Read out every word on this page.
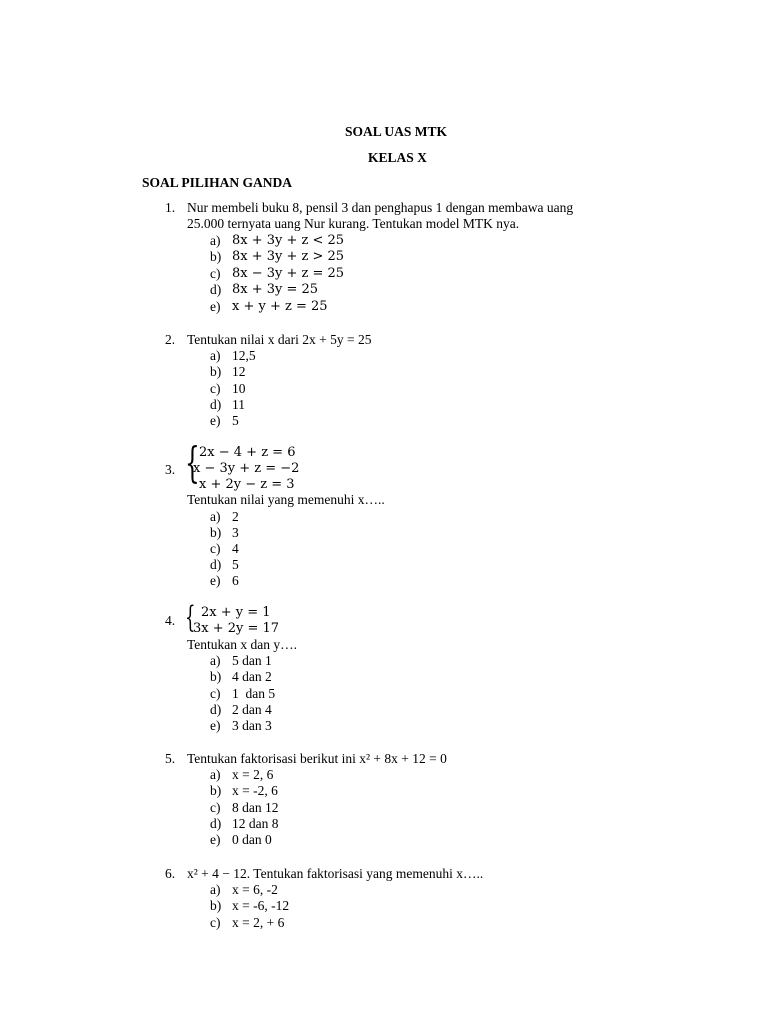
SOAL UAS MTK
KELAS X
SOAL PILIHAN GANDA
1. Nur membeli buku 8, pensil 3 dan penghapus 1 dengan membawa uang
25.000 ternyata uang Nur kurang. Tentukan model MTK nya.
a) 8x + 3y + z < 25
b) 8x + 3y + z > 25
c) 8x − 3y + z = 25
d) 8x + 3y = 25
e) x + y + z = 25
2. Tentukan nilai x dari 2x + 5y = 25
a) 12,5
b) 12
c) 10
d) 11
e) 5
3. { 2x − 4 + z = 6
x − 3y + z = −2
x + 2y − z = 3
Tentukan nilai yang memenuhi x…..
a) 2
b) 3
c) 4
d) 5
e) 6
4. { 2x + y = 1
3x + 2y = 17
Tentukan x dan y….
a) 5 dan 1
b) 4 dan 2
c) 1  dan 5
d) 2 dan 4
e) 3 dan 3
5. Tentukan faktorisasi berikut ini x² + 8x + 12 = 0
a) x = 2, 6
b) x = -2, 6
c) 8 dan 12
d) 12 dan 8
e) 0 dan 0
6. x² + 4 − 12. Tentukan faktorisasi yang memenuhi x…..
a) x = 6, -2
b) x = -6, -12
c) x = 2, + 6
